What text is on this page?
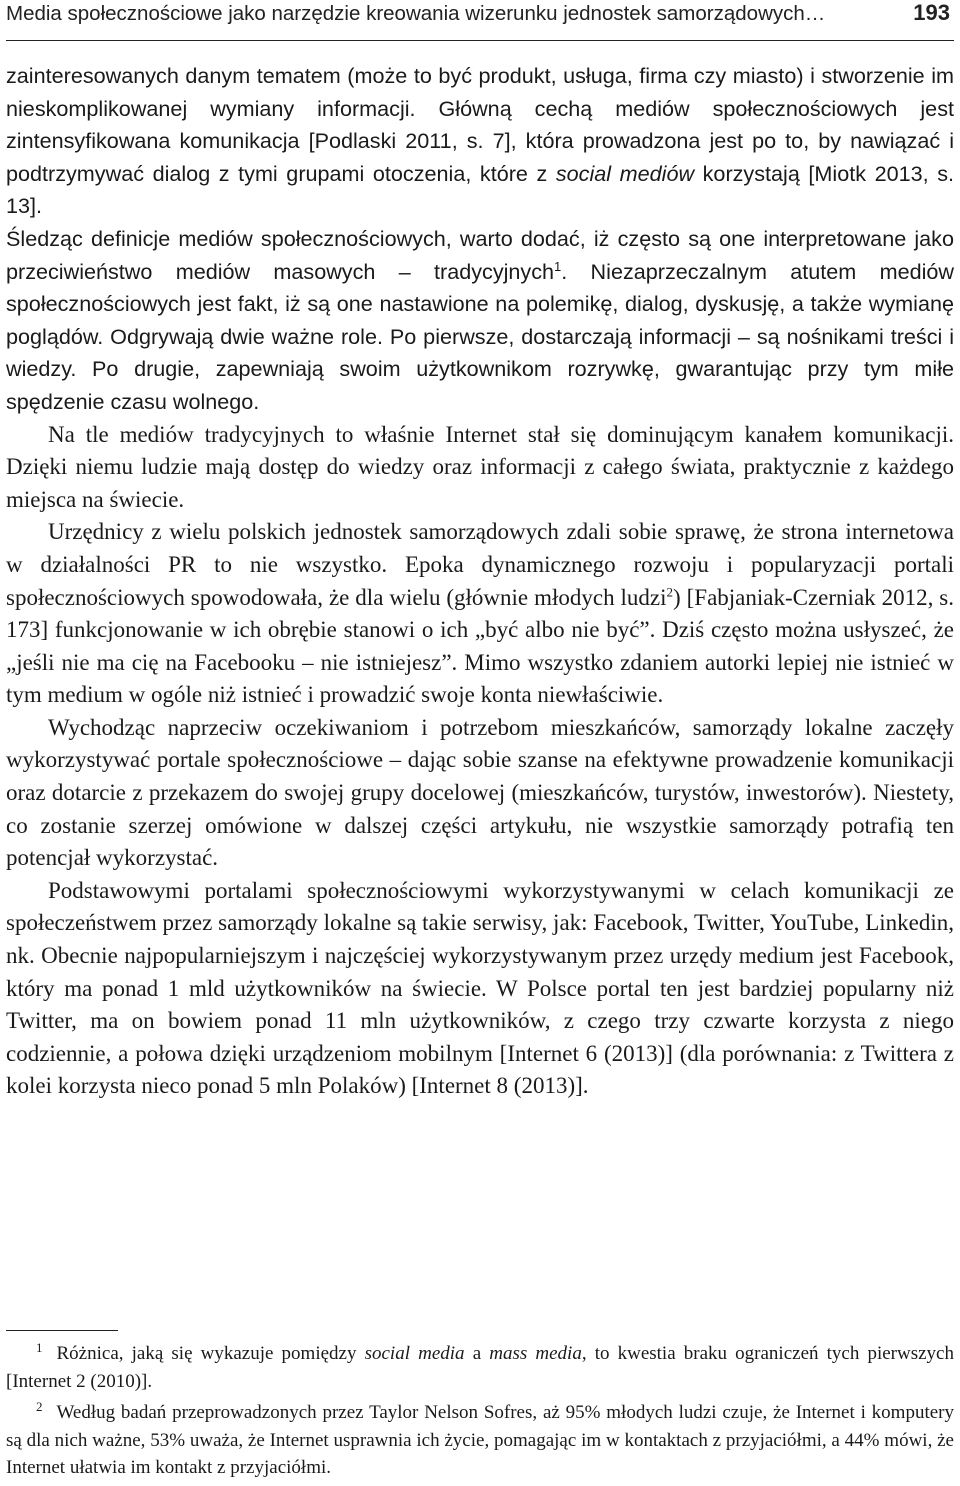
Media społecznościowe jako narzędzie kreowania wizerunku jednostek samorządowych…	193

zainteresowanych danym tematem (może to być produkt, usługa, firma czy miasto) i stworzenie im nieskomplikowanej wymiany informacji. Główną cechą mediów społecznościowych jest zintensyfikowana komunikacja [Podlaski 2011, s. 7], która prowadzona jest po to, by nawiązać i podtrzymywać dialog z tymi grupami otoczenia, które z social mediów korzystają [Miotk 2013, s. 13].

Śledząc definicje mediów społecznościowych, warto dodać, iż często są one interpretowane jako przeciwieństwo mediów masowych – tradycyjnych$^1$. Niezaprzeczalnym atutem mediów społecznościowych jest fakt, iż są one nastawione na polemikę, dialog, dyskusję, a także wymianę poglądów. Odgrywają dwie ważne role. Po pierwsze, dostarczają informacji – są nośnikami treści i wiedzy. Po drugie, zapewniają swoim użytkownikom rozrywkę, gwarantując przy tym miłe spędzenie czasu wolnego.

Na tle mediów tradycyjnych to właśnie Internet stał się dominującym kanałem komunikacji. Dzięki niemu ludzie mają dostęp do wiedzy oraz informacji z całego świata, praktycznie z każdego miejsca na świecie.

Urzędnicy z wielu polskich jednostek samorządowych zdali sobie sprawę, że strona internetowa w działalności PR to nie wszystko. Epoka dynamicznego rozwoju i popularyzacji portali społecznościowych spowodowała, że dla wielu (głównie młodych ludzi$^2$) [Fabjaniak-Czerniak 2012, s. 173] funkcjonowanie w ich obrębie stanowi o ich „być albo nie być”. Dziś często można usłyszeć, że „jeśli nie ma cię na Facebooku – nie istniejesz”. Mimo wszystko zdaniem autorki lepiej nie istnieć w tym medium w ogóle niż istnieć i prowadzić swoje konta niewłaściwie.

Wychodząc naprzeciw oczekiwaniom i potrzebom mieszkańców, samorządy lokalne zaczęły wykorzystywać portale społecznościowe – dając sobie szanse na efektywne prowadzenie komunikacji oraz dotarcie z przekazem do swojej grupy docelowej (mieszkańców, turystów, inwestorów). Niestety, co zostanie szerzej omówione w dalszej części artykułu, nie wszystkie samorządy potrafią ten potencjał wykorzystać.

Podstawowymi portalami społecznościowymi wykorzystywanymi w celach komunikacji ze społeczeństwem przez samorządy lokalne są takie serwisy, jak: Facebook, Twitter, YouTube, Linkedin, nk. Obecnie najpopularniejszym i najczęściej wykorzystywanym przez urzędy medium jest Facebook, który ma ponad 1 mld użytkowników na świecie. W Polsce portal ten jest bardziej popularny niż Twitter, ma on bowiem ponad 11 mln użytkowników, z czego trzy czwarte korzysta z niego codziennie, a połowa dzięki urządzeniom mobilnym [Internet 6 (2013)] (dla porównania: z Twittera z kolei korzysta nieco ponad 5 mln Polaków) [Internet 8 (2013)].

$^1$ Różnica, jaką się wykazuje pomiędzy social media a mass media, to kwestia braku ograniczeń tych pierwszych [Internet 2 (2010)].

$^2$ Według badań przeprowadzonych przez Taylor Nelson Sofres, aż 95% młodych ludzi czuje, że Internet i komputery są dla nich ważne, 53% uważa, że Internet usprawnia ich życie, pomagając im w kontaktach z przyjaciółmi, a 44% mówi, że Internet ułatwia im kontakt z przyjaciółmi.
